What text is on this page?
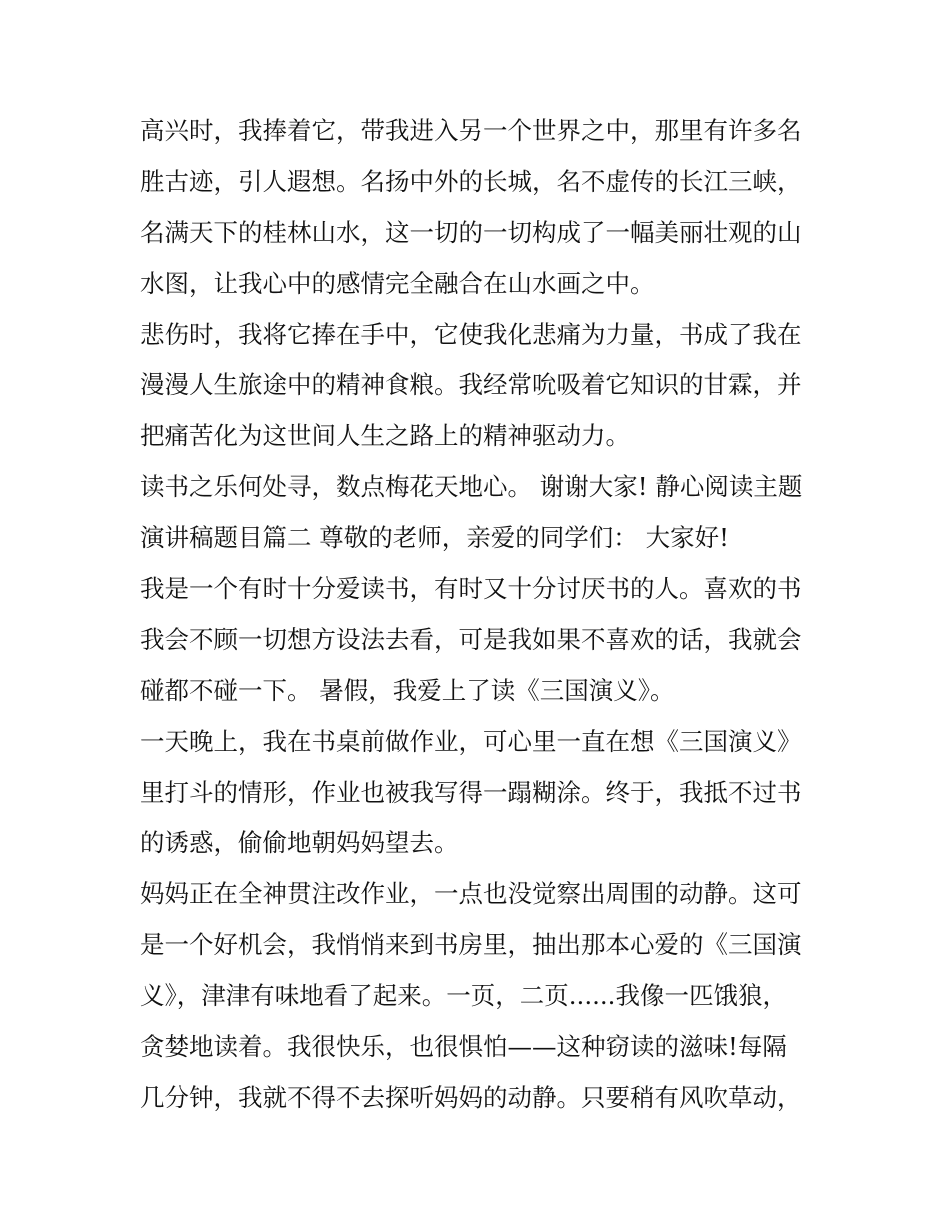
高兴时，我捧着它，带我进入另一个世界之中，那里有许多名
胜古迹，引人遐想。名扬中外的长城，名不虚传的长江三峡，
名满天下的桂林山水，这一切的一切构成了一幅美丽壮观的山
水图，让我心中的感情完全融合在山水画之中。
悲伤时，我将它捧在手中，它使我化悲痛为力量，书成了我在
漫漫人生旅途中的精神食粮。我经常吮吸着它知识的甘霖，并
把痛苦化为这世间人生之路上的精神驱动力。
读书之乐何处寻，数点梅花天地心。 谢谢大家! 静心阅读主题
演讲稿题目篇二 尊敬的老师，亲爱的同学们： 大家好!
我是一个有时十分爱读书，有时又十分讨厌书的人。喜欢的书
我会不顾一切想方设法去看，可是我如果不喜欢的话，我就会
碰都不碰一下。 暑假，我爱上了读《三国演义》。
一天晚上，我在书桌前做作业，可心里一直在想《三国演义》
里打斗的情形，作业也被我写得一蹋糊涂。终于，我抵不过书
的诱惑，偷偷地朝妈妈望去。
妈妈正在全神贯注改作业，一点也没觉察出周围的动静。这可
是一个好机会，我悄悄来到书房里，抽出那本心爱的《三国演
义》，津津有味地看了起来。一页，二页......我像一匹饿狼，
贪婪地读着。我很快乐，也很惧怕——这种窃读的滋味!每隔
几分钟，我就不得不去探听妈妈的动静。只要稍有风吹草动，
